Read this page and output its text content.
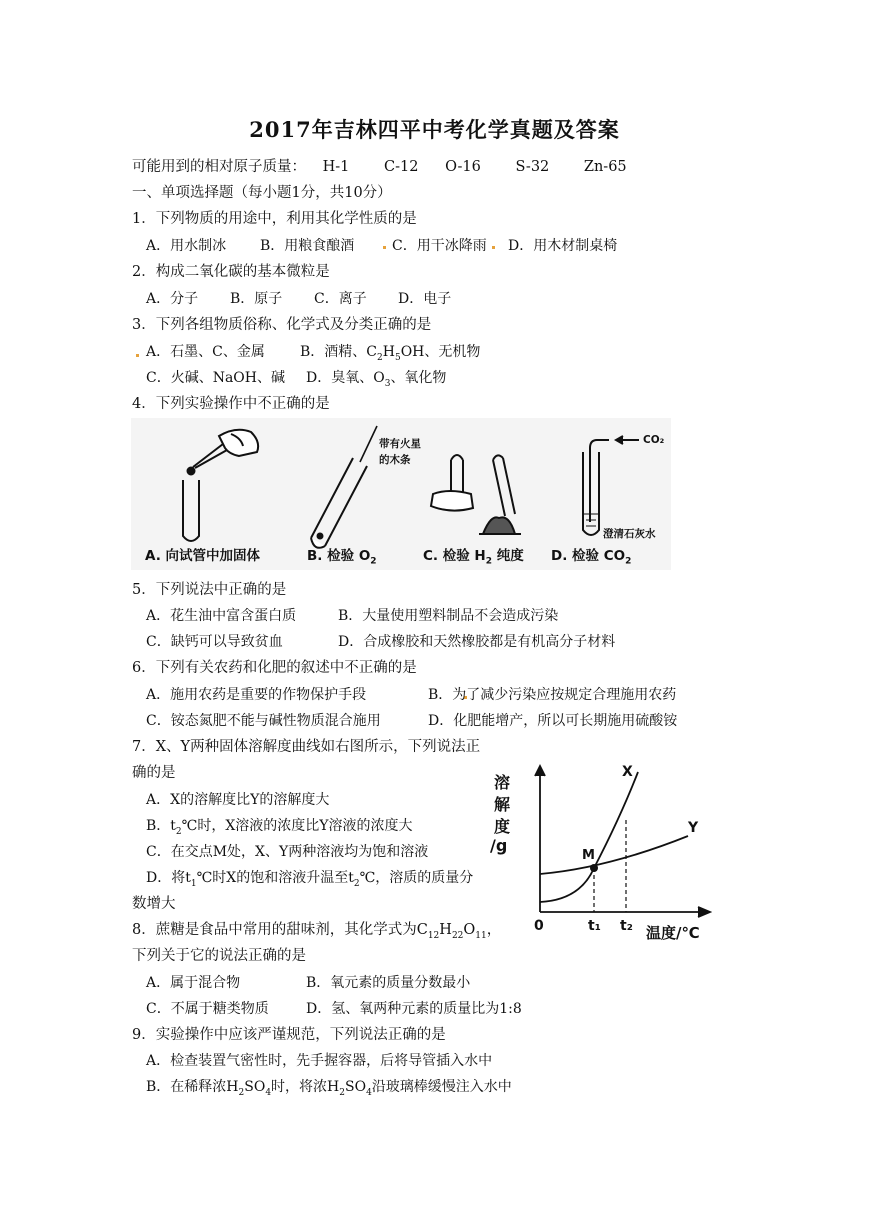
2017年吉林四平中考化学真题及答案
可能用到的相对原子质量： H-1 C-12 O-16 S-32 Zn-65
一、单项选择题（每小题1分，共10分）
1．下列物质的用途中，利用其化学性质的是
A．用水制冰 B．用粮食酿酒	C．用干冰降雨 D．用木材制桌椅
2．构成二氧化碳的基本微粒是
A．分子 B．原子 C．离子 D．电子
3．下列各组物质俗称、化学式及分类正确的是
A．石墨、C、金属	B．酒精、$C_2H_5OH$、无机物
C．火碱、NaOH、碱 D．臭氧、$O_3$、氧化物
4．下列实验操作中不正确的是
带有火星
的木条
CO₂
澄清石灰水
A. 向试管中加固体	B. 检验 $O_2$	C. 检验 $H_2$ 纯度 D. 检验 $CO_2$
5．下列说法中正确的是
A．花生油中富含蛋白质	B．大量使用塑料制品不会造成污染
C．缺钙可以导致贫血	D．合成橡胶和天然橡胶都是有机高分子材料
6．下列有关农药和化肥的叙述中不正确的是
A．施用农药是重要的作物保护手段	B．为了减少污染应按规定合理施用农药
C．铵态氮肥不能与碱性物质混合施用	D．化肥能增产，所以可长期施用硫酸铵
7．X、Y两种固体溶解度曲线如右图所示，下列说法正
确的是
A．X的溶解度比Y的溶解度大
B．$t_2℃$时，X溶液的浓度比Y溶液的浓度大
C．在交点M处，X、Y两种溶液均为饱和溶液
D．将$t_1℃$时X的饱和溶液升温至$t_2℃$，溶质的质量分
数增大
溶
解
度
/g
X
Y
M
0	t₁ t₂ 温度/℃
8．蔗糖是食品中常用的甜味剂，其化学式为$C_{12}H_{22}O_{11}$，
下列关于它的说法正确的是
A．属于混合物	B．氧元素的质量分数最小
C．不属于糖类物质	D．氢、氧两种元素的质量比为1:8
9．实验操作中应该严谨规范，下列说法正确的是
A．检查装置气密性时，先手握容器，后将导管插入水中
B．在稀释浓$H_2SO_4$时，将浓$H_2SO_4$沿玻璃棒缓慢注入水中
